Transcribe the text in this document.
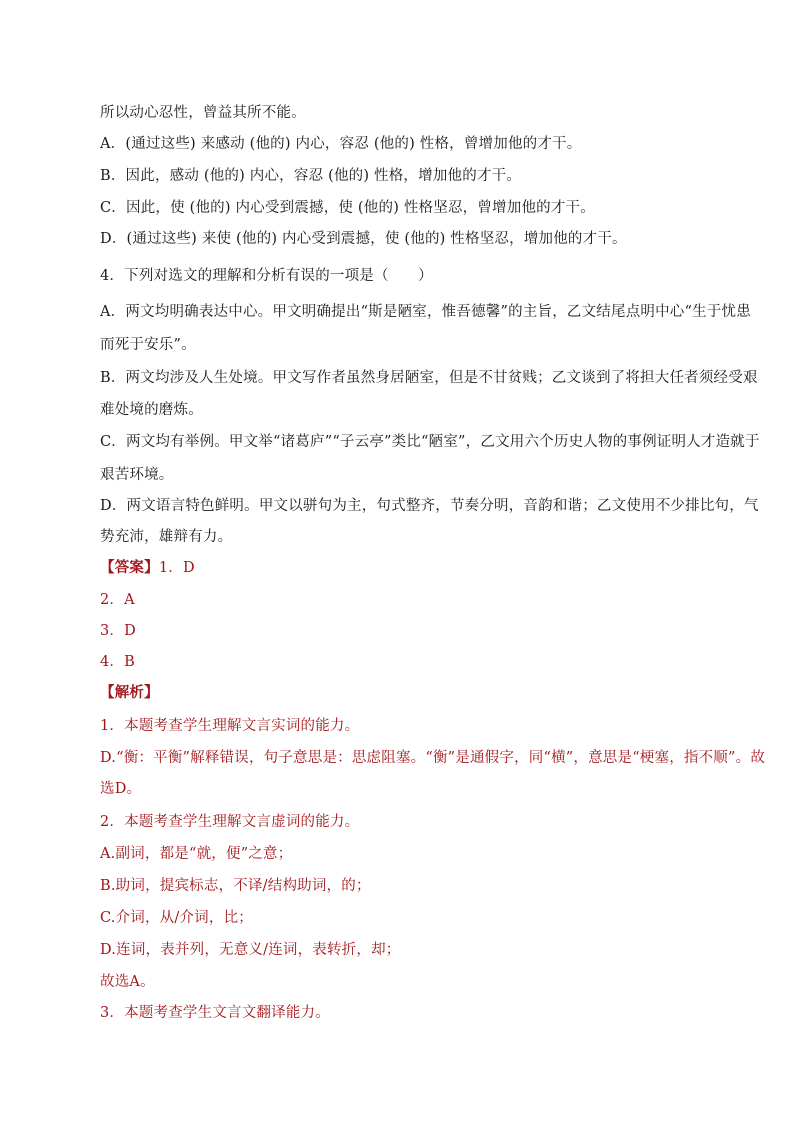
所以动心忍性，曾益其所不能。
A．(通过这些) 来感动 (他的) 内心，容忍 (他的) 性格，曾增加他的才干。
B．因此，感动 (他的) 内心，容忍 (他的) 性格，增加他的才干。
C．因此，使 (他的) 内心受到震撼，使 (他的) 性格坚忍，曾增加他的才干。
D．(通过这些) 来使 (他的) 内心受到震撼，使 (他的) 性格坚忍，增加他的才干。
4．下列对选文的理解和分析有误的一项是（　　）
A．两文均明确表达中心。甲文明确提出“斯是陋室，惟吾德馨”的主旨，乙文结尾点明中心“生于忧患
而死于安乐”。
B．两文均涉及人生处境。甲文写作者虽然身居陋室，但是不甘贫贱；乙文谈到了将担大任者须经受艰
难处境的磨炼。
C．两文均有举例。甲文举“诸葛庐”“子云亭”类比“陋室”，乙文用六个历史人物的事例证明人才造就于
艰苦环境。
D．两文语言特色鲜明。甲文以骈句为主，句式整齐，节奏分明，音韵和谐；乙文使用不少排比句，气
势充沛，雄辩有力。
【答案】1．D
2．A
3．D
4．B
【解析】
1．本题考查学生理解文言实词的能力。
D.“衡：平衡”解释错误，句子意思是：思虑阻塞。“衡”是通假字，同“横”，意思是“梗塞，指不顺”。故
选D。
2．本题考查学生理解文言虚词的能力。
A.副词，都是“就，便”之意；
B.助词，提宾标志，不译/结构助词，的；
C.介词，从/介词，比；
D.连词，表并列，无意义/连词，表转折，却；
故选A。
3．本题考查学生文言文翻译能力。
